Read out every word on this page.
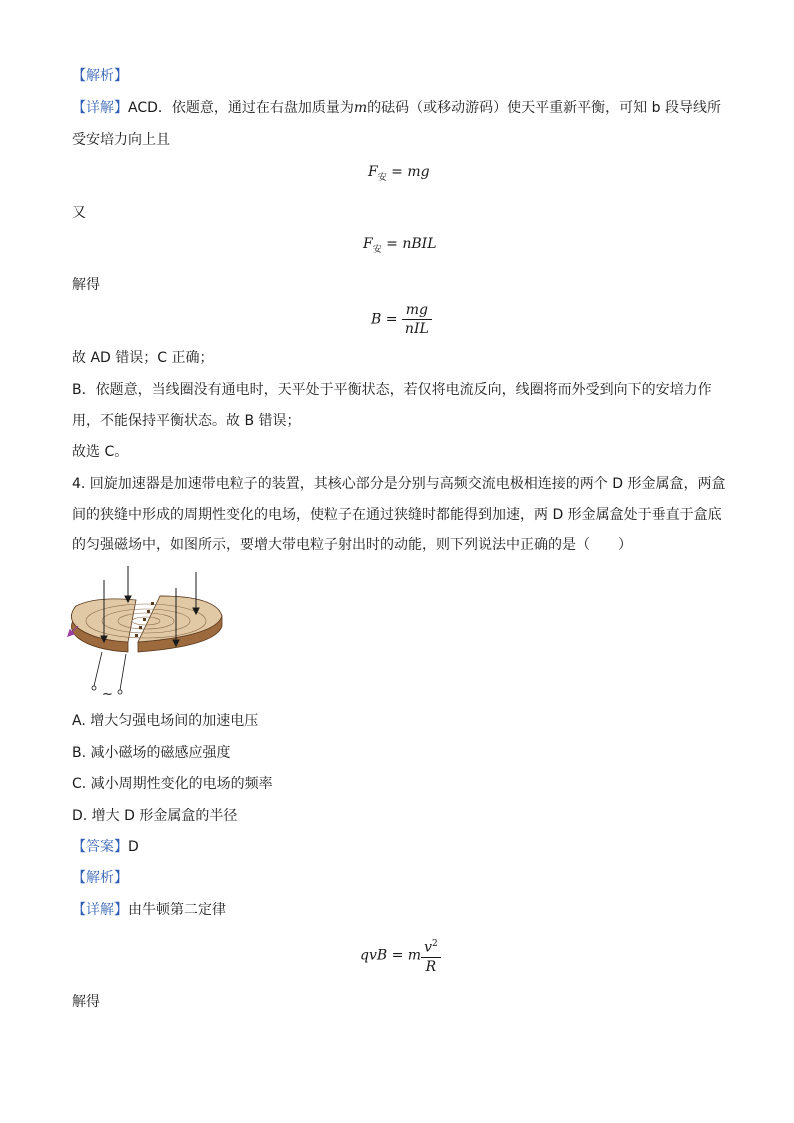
【解析】
【详解】ACD．依题意，通过在右盘加质量为m的砝码（或移动游码）使天平重新平衡，可知 b 段导线所
受安培力向上且
$F_安$ = mg
又
$F_安$ = nBIL
解得
$B = \frac{mg}{\text{nIL}}$
故 AD 错误；C 正确；
B．依题意，当线圈没有通电时，天平处于平衡状态，若仅将电流反向，线圈将而外受到向下的安培力作
用，不能保持平衡状态。故 B 错误；
故选 C。
4. 回旋加速器是加速带电粒子的装置，其核心部分是分别与高频交流电极相连接的两个 D 形金属盒，两盒
间的狭缝中形成的周期性变化的电场，使粒子在通过狭缝时都能得到加速，两 D 形金属盒处于垂直于盒底
的匀强磁场中，如图所示，要增大带电粒子射出时的动能，则下列说法中正确的是（　　）
~
A. 增大匀强电场间的加速电压
B. 减小磁场的磁感应强度
C. 减小周期性变化的电场的频率
D. 增大 D 形金属盒的半径
【答案】D
【解析】
【详解】由牛顿第二定律
qvB = m $\frac{v^2}{R}$
解得
